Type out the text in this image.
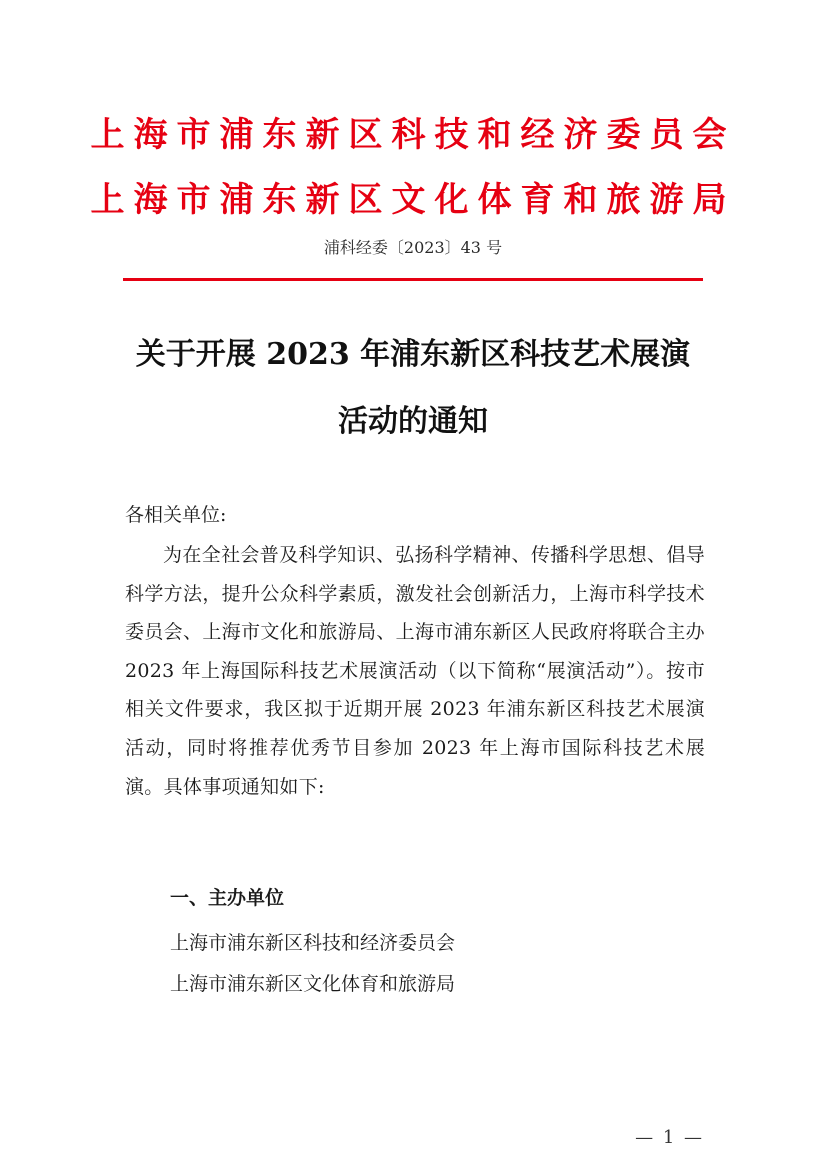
上海市浦东新区科技和经济委员会
上海市浦东新区文化体育和旅游局
浦科经委〔2023〕43 号
关于开展 2023 年浦东新区科技艺术展演
活动的通知
各相关单位:
为在全社会普及科学知识、弘扬科学精神、传播科学思想、倡导科学方法，提升公众科学素质，激发社会创新活力，上海市科学技术委员会、上海市文化和旅游局、上海市浦东新区人民政府将联合主办 2023 年上海国际科技艺术展演活动（以下简称“展演活动”）。按市相关文件要求，我区拟于近期开展 2023 年浦东新区科技艺术展演活动，同时将推荐优秀节目参加 2023 年上海市国际科技艺术展演。具体事项通知如下:
一、主办单位
上海市浦东新区科技和经济委员会
上海市浦东新区文化体育和旅游局
— 1 —
